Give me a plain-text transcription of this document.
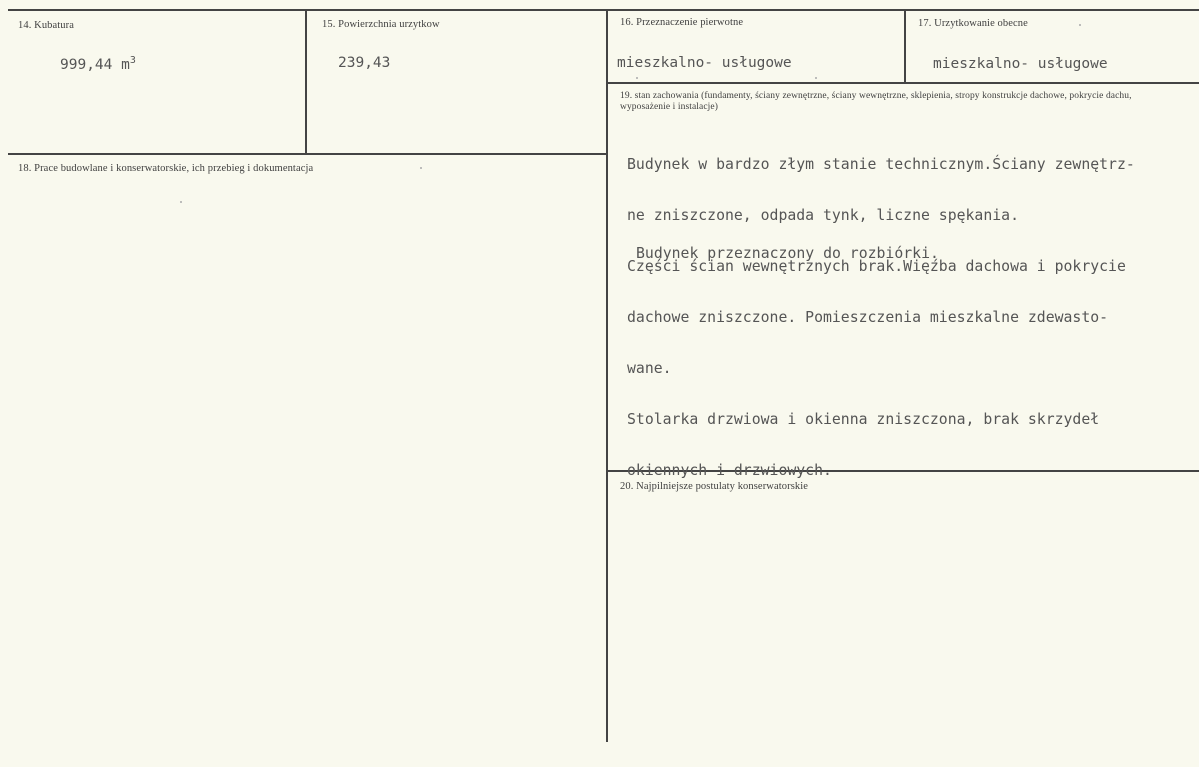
14. Kubatura
999,44 $m^3$
15. Powierzchnia urzytkow
239,43
16. Przeznaczenie pierwotne
mieszkalno- usługowe
17. Urzytkowanie obecne
mieszkalno- usługowe
18. Prace budowlane i konserwatorskie, ich przebieg i dokumentacja
19. stan zachowania (fundamenty, ściany zewnętrzne, ściany wewnętrzne, sklepienia, stropy konstrukcje dachowe, pokrycie dachu, wyposażenie i instalacje)

Budynek w bardzo złym stanie technicznym.Ściany zewnętrz-

ne zniszczone, odpada tynk, liczne spękania.

Części ścian wewnętrznych brak.Więźba dachowa i pokrycie

dachowe zniszczone. Pomieszczenia mieszkalne zdewasto-

wane.

Stolarka drzwiowa i okienna zniszczona, brak skrzydeł

okiennych i drzwiowych.

Budynek przeznaczony do rozbiórki.
20. Najpilniejsze postulaty konserwatorskie
